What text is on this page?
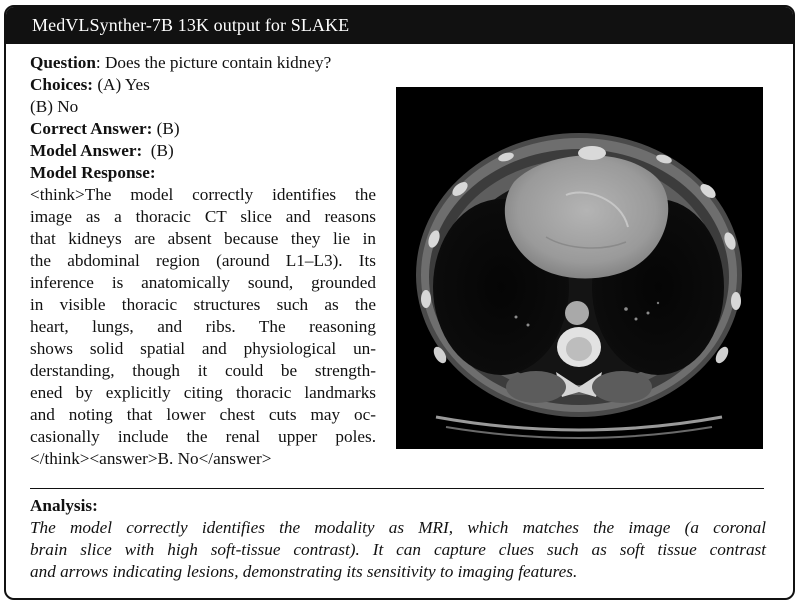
MedVLSynther-7B 13K output for SLAKE
Question: Does the picture contain kidney?
Choices: (A) Yes
(B) No
Correct Answer: (B)
Model Answer:  (B)
Model Response:
<think>The model correctly identifies the
image as a thoracic CT slice and reasons
that kidneys are absent because they lie in
the abdominal region (around L1–L3). Its
inference is anatomically sound, grounded
in visible thoracic structures such as the
heart, lungs, and ribs. The reasoning
shows solid spatial and physiological un-
derstanding, though it could be strength-
ened by explicitly citing thoracic landmarks
and noting that lower chest cuts may oc-
casionally include the renal upper poles.
</think><answer>B. No</answer>
Analysis:
The model correctly identifies the modality as MRI, which matches the image (a coronal
brain slice with high soft-tissue contrast). It can capture clues such as soft tissue contrast
and arrows indicating lesions, demonstrating its sensitivity to imaging features.
